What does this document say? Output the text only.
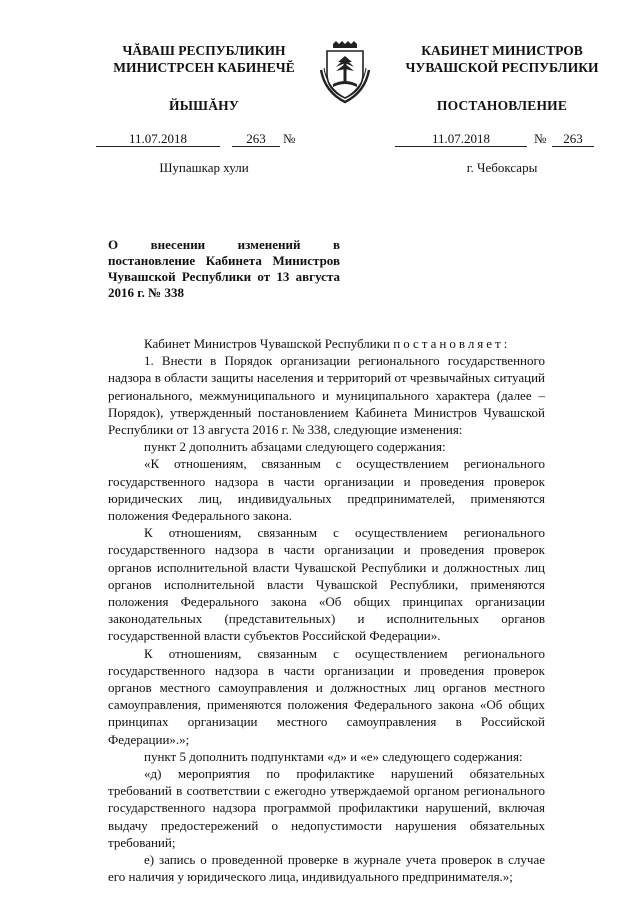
ЧĂВАШ РЕСПУБЛИКИН
МИНИСТРСЕН КАБИНЕЧĔ
КАБИНЕТ МИНИСТРОВ
ЧУВАШСКОЙ РЕСПУБЛИКИ
ЙЫШĂНУ	ПОСТАНОВЛЕНИЕ
11.07.2018	263	№	11.07.2018	№	263
Шупашкар хули	г. Чебоксары
О внесении изменений в постановление Кабинета Министров Чувашской Республики от 13 августа 2016 г. № 338

Кабинет Министров Чувашской Республики постановляет:

1. Внести в Порядок организации регионального государственного надзора в области защиты населения и территорий от чрезвычайных ситуаций регионального, межмуниципального и муниципального характера (далее – Порядок), утвержденный постановлением Кабинета Министров Чувашской Республики от 13 августа 2016 г. № 338, следующие изменения:

пункт 2 дополнить абзацами следующего содержания:

«К отношениям, связанным с осуществлением регионального государственного надзора в части организации и проведения проверок юридических лиц, индивидуальных предпринимателей, применяются положения Федерального закона.

К отношениям, связанным с осуществлением регионального государственного надзора в части организации и проведения проверок органов исполнительной власти Чувашской Республики и должностных лиц органов исполнительной власти Чувашской Республики, применяются положения Федерального закона «Об общих принципах организации законодательных (представительных) и исполнительных органов государственной власти субъектов Российской Федерации».

К отношениям, связанным с осуществлением регионального государственного надзора в части организации и проведения проверок органов местного самоуправления и должностных лиц органов местного самоуправления, применяются положения Федерального закона «Об общих принципах организации местного самоуправления в Российской Федерации».»;

пункт 5 дополнить подпунктами «д» и «е» следующего содержания:

«д) мероприятия по профилактике нарушений обязательных требований в соответствии с ежегодно утверждаемой органом регионального государственного надзора программой профилактики нарушений, включая выдачу предостережений о недопустимости нарушения обязательных требований;

е) запись о проведенной проверке в журнале учета проверок в случае его наличия у юридического лица, индивидуального предпринимателя.»;
